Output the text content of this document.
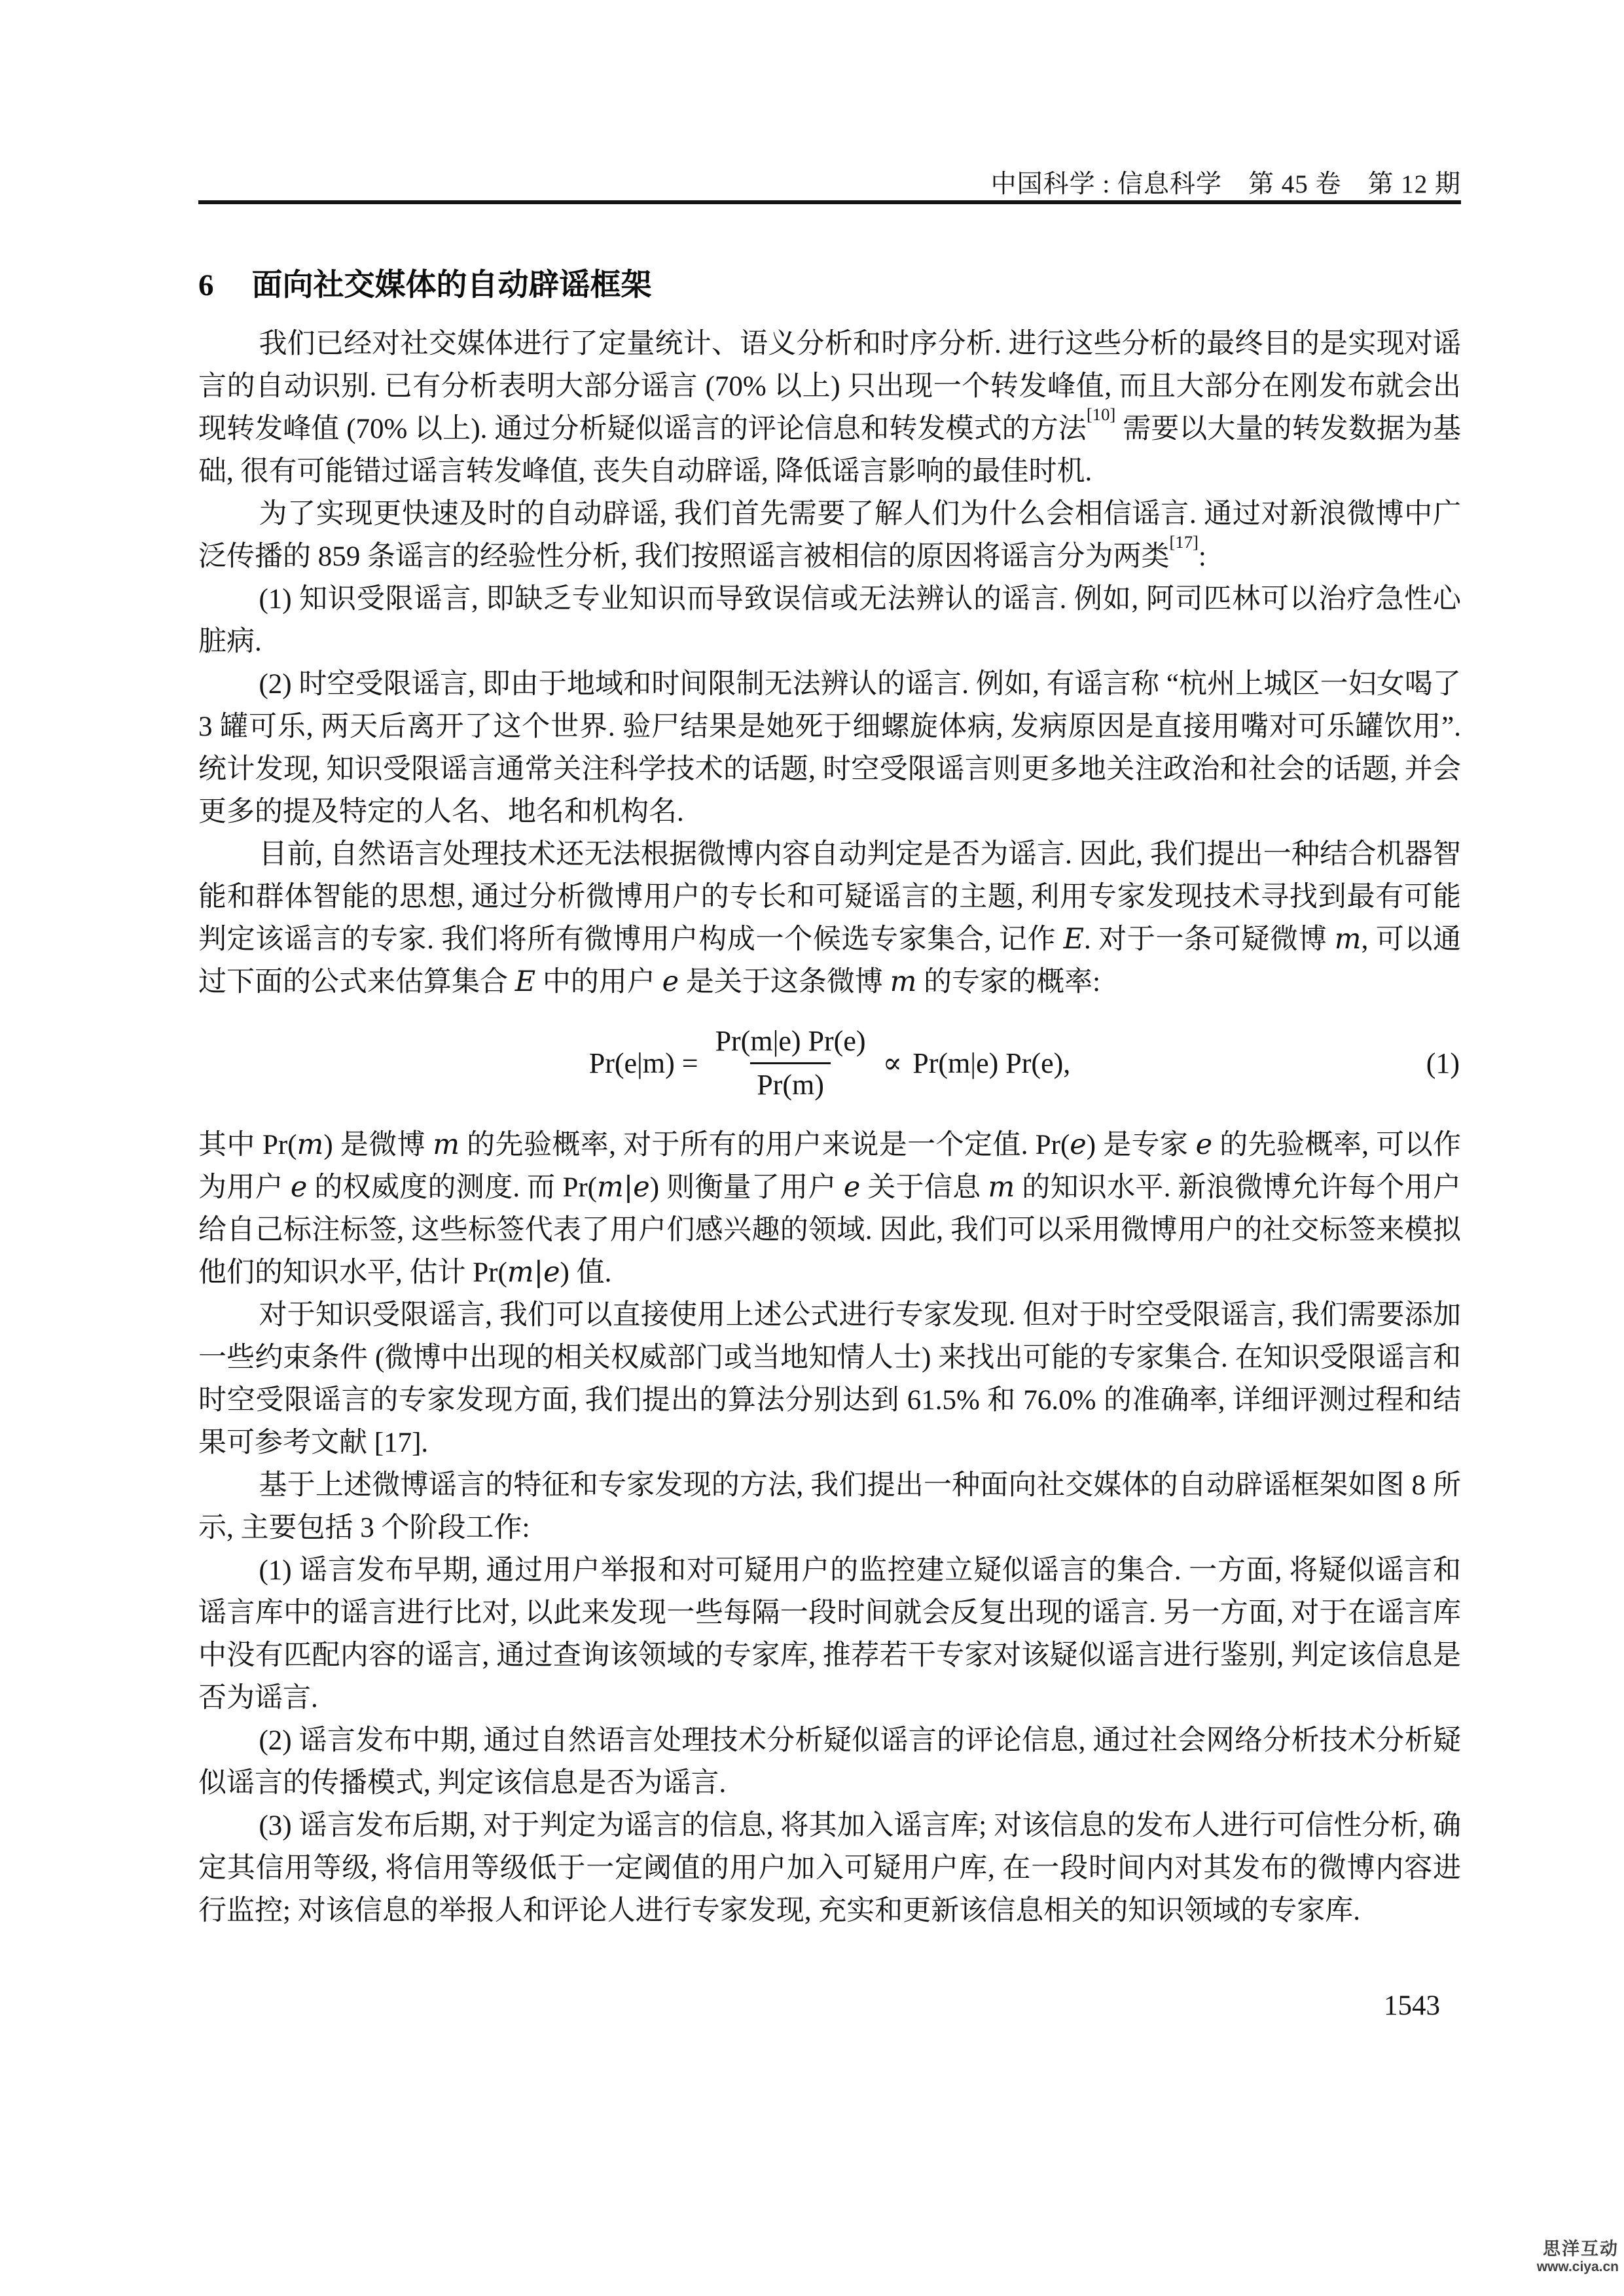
中国科学 : 信息科学　第 45 卷　第 12 期
6 面向社交媒体的自动辟谣框架

我们已经对社交媒体进行了定量统计、语义分析和时序分析. 进行这些分析的最终目的是实现对谣言的自动识别. 已有分析表明大部分谣言 (70% 以上) 只出现一个转发峰值, 而且大部分在刚发布就会出现转发峰值 (70% 以上). 通过分析疑似谣言的评论信息和转发模式的方法[10] 需要以大量的转发数据为基础, 很有可能错过谣言转发峰值, 丧失自动辟谣, 降低谣言影响的最佳时机.

为了实现更快速及时的自动辟谣, 我们首先需要了解人们为什么会相信谣言. 通过对新浪微博中广泛传播的 859 条谣言的经验性分析, 我们按照谣言被相信的原因将谣言分为两类[17]:

(1) 知识受限谣言, 即缺乏专业知识而导致误信或无法辨认的谣言. 例如, 阿司匹林可以治疗急性心脏病.

(2) 时空受限谣言, 即由于地域和时间限制无法辨认的谣言. 例如, 有谣言称 “杭州上城区一妇女喝了 3 罐可乐, 两天后离开了这个世界. 验尸结果是她死于细螺旋体病, 发病原因是直接用嘴对可乐罐饮用”. 统计发现, 知识受限谣言通常关注科学技术的话题, 时空受限谣言则更多地关注政治和社会的话题, 并会更多的提及特定的人名、地名和机构名.

目前, 自然语言处理技术还无法根据微博内容自动判定是否为谣言. 因此, 我们提出一种结合机器智能和群体智能的思想, 通过分析微博用户的专长和可疑谣言的主题, 利用专家发现技术寻找到最有可能判定该谣言的专家. 我们将所有微博用户构成一个候选专家集合, 记作 E. 对于一条可疑微博 m, 可以通过下面的公式来估算集合 E 中的用户 e 是关于这条微博 m 的专家的概率:

$Pr(e|m) = \frac{Pr(m|e) Pr(e)}{Pr(m)} \propto Pr(m|e)$ Pr(e),	(1)

其中 Pr(m) 是微博 m 的先验概率, 对于所有的用户来说是一个定值. Pr(e) 是专家 e 的先验概率, 可以作为用户 e 的权威度的测度. 而 Pr(m|e) 则衡量了用户 e 关于信息 m 的知识水平. 新浪微博允许每个用户给自己标注标签, 这些标签代表了用户们感兴趣的领域. 因此, 我们可以采用微博用户的社交标签来模拟他们的知识水平, 估计 Pr(m|e) 值.

对于知识受限谣言, 我们可以直接使用上述公式进行专家发现. 但对于时空受限谣言, 我们需要添加一些约束条件 (微博中出现的相关权威部门或当地知情人士) 来找出可能的专家集合. 在知识受限谣言和时空受限谣言的专家发现方面, 我们提出的算法分别达到 61.5% 和 76.0% 的准确率, 详细评测过程和结果可参考文献 [17].

基于上述微博谣言的特征和专家发现的方法, 我们提出一种面向社交媒体的自动辟谣框架如图 8 所示, 主要包括 3 个阶段工作:

(1) 谣言发布早期, 通过用户举报和对可疑用户的监控建立疑似谣言的集合. 一方面, 将疑似谣言和谣言库中的谣言进行比对, 以此来发现一些每隔一段时间就会反复出现的谣言. 另一方面, 对于在谣言库中没有匹配内容的谣言, 通过查询该领域的专家库, 推荐若干专家对该疑似谣言进行鉴别, 判定该信息是否为谣言.

(2) 谣言发布中期, 通过自然语言处理技术分析疑似谣言的评论信息, 通过社会网络分析技术分析疑似谣言的传播模式, 判定该信息是否为谣言.

(3) 谣言发布后期, 对于判定为谣言的信息, 将其加入谣言库; 对该信息的发布人进行可信性分析, 确定其信用等级, 将信用等级低于一定阈值的用户加入可疑用户库, 在一段时间内对其发布的微博内容进行监控; 对该信息的举报人和评论人进行专家发现, 充实和更新该信息相关的知识领域的专家库.

1543
思洋互动
www.ciya.cn
